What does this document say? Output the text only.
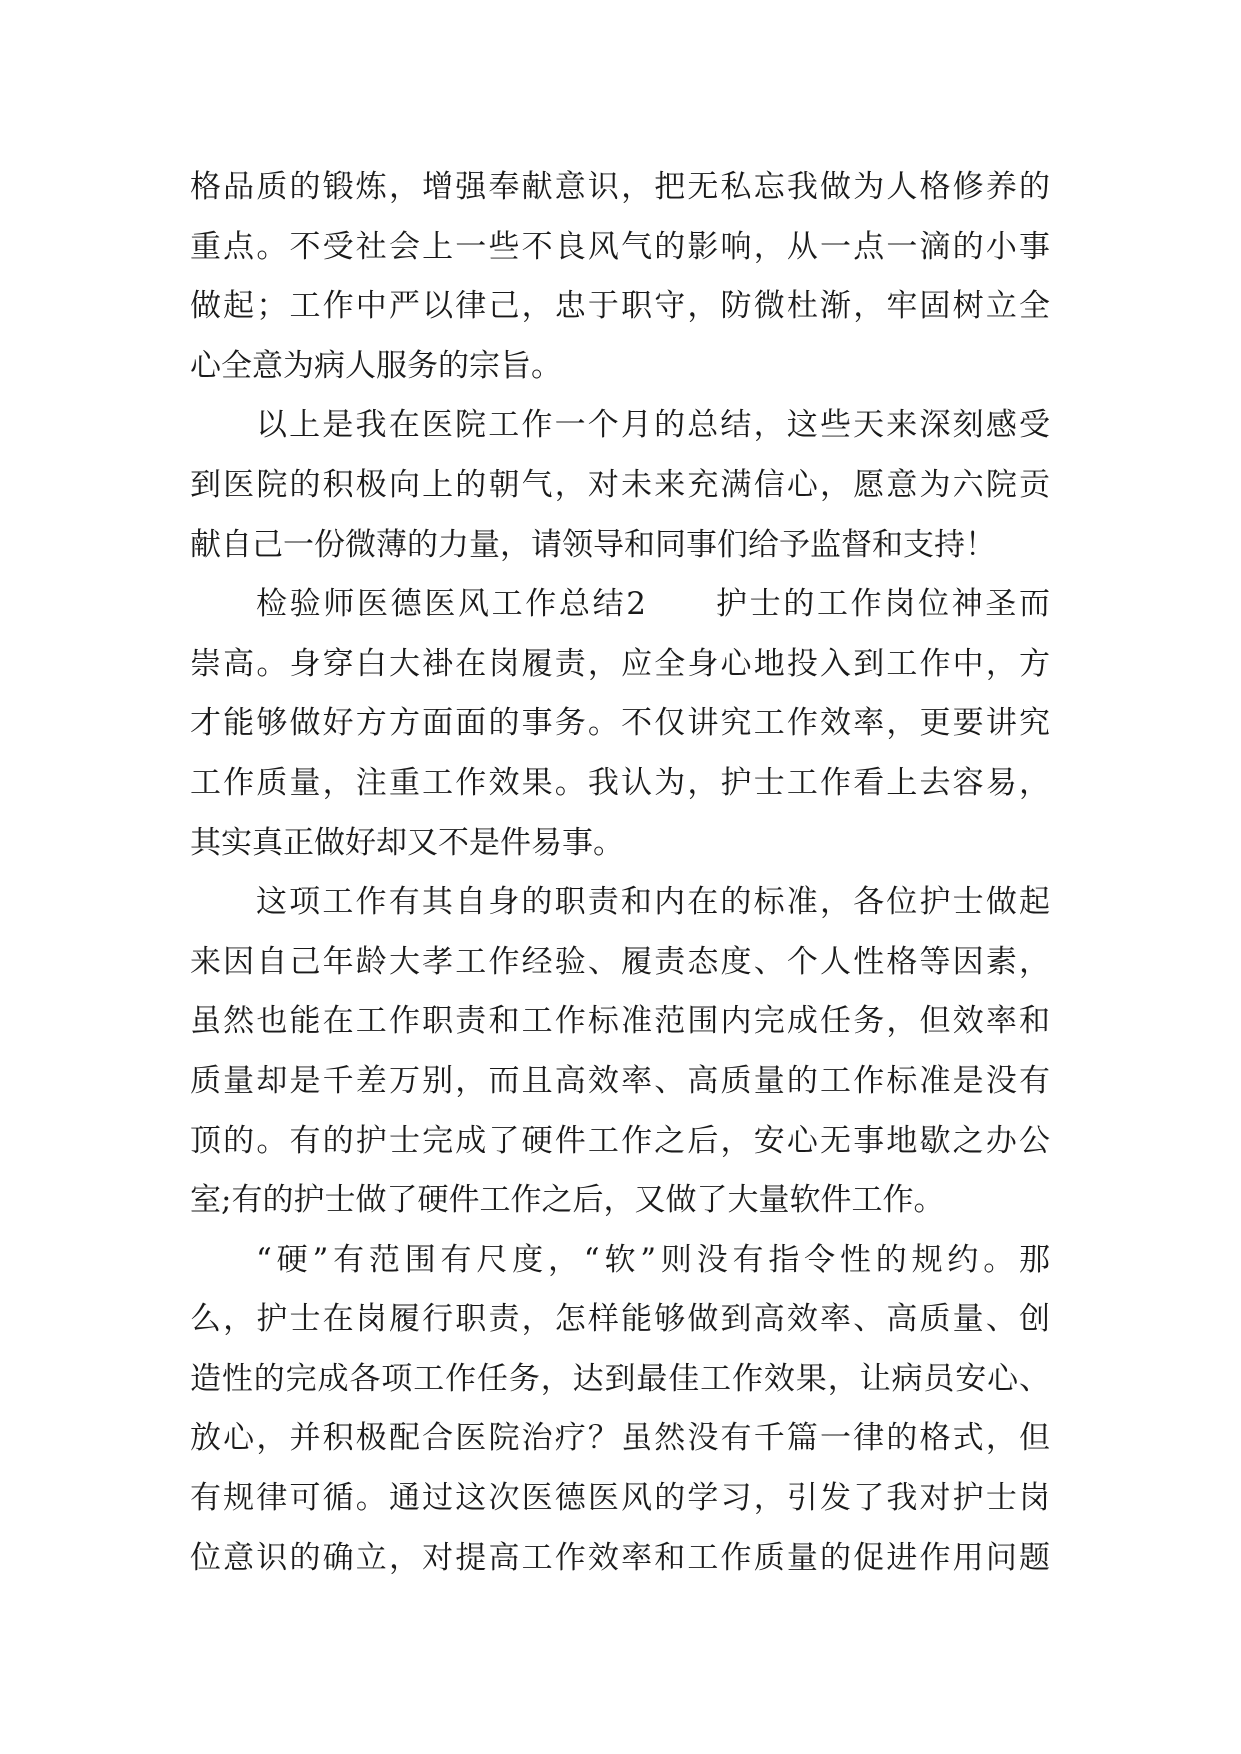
格品质的锻炼，增强奉献意识，把无私忘我做为人格修养的
重点。不受社会上一些不良风气的影响，从一点一滴的小事
做起；工作中严以律己，忠于职守，防微杜渐，牢固树立全
心全意为病人服务的宗旨。
以上是我在医院工作一个月的总结，这些天来深刻感受
到医院的积极向上的朝气，对未来充满信心，愿意为六院贡
献自己一份微薄的力量，请领导和同事们给予监督和支持！
检验师医德医风工作总结2　　护士的工作岗位神圣而
崇高。身穿白大褂在岗履责，应全身心地投入到工作中，方
才能够做好方方面面的事务。不仅讲究工作效率，更要讲究
工作质量，注重工作效果。我认为，护士工作看上去容易，
其实真正做好却又不是件易事。
这项工作有其自身的职责和内在的标准，各位护士做起
来因自己年龄大孝工作经验、履责态度、个人性格等因素，
虽然也能在工作职责和工作标准范围内完成任务，但效率和
质量却是千差万别，而且高效率、高质量的工作标准是没有
顶的。有的护士完成了硬件工作之后，安心无事地歇之办公
室;有的护士做了硬件工作之后，又做了大量软件工作。
“硬”有范围有尺度，“软”则没有指令性的规约。那
么，护士在岗履行职责，怎样能够做到高效率、高质量、创
造性的完成各项工作任务，达到最佳工作效果，让病员安心、
放心，并积极配合医院治疗？虽然没有千篇一律的格式，但
有规律可循。通过这次医德医风的学习，引发了我对护士岗
位意识的确立，对提高工作效率和工作质量的促进作用问题
